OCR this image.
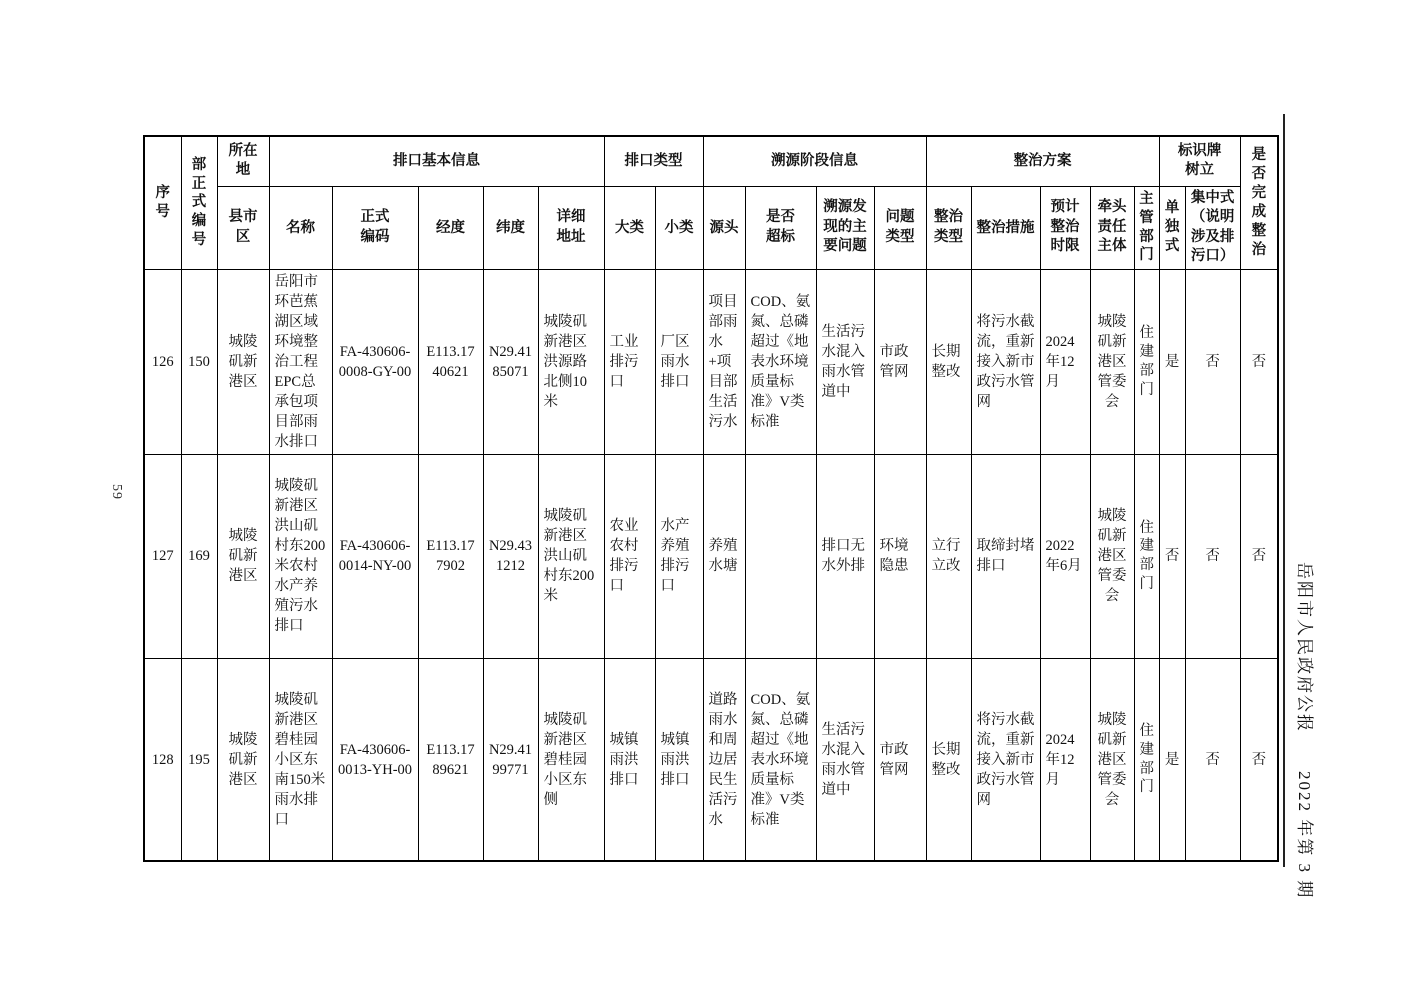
59
岳阳市人民政府公报　　2022 年第 3 期
序号	部正式编号	所在地	排口基本信息					排口类型		溯源阶段信息				整治方案					标识牌树立		是否完成整治
		县市区	名称	正式编码	经度	纬度	详细地址	大类	小类	源头	是否超标	溯源发现的主要问题	问题类型	整治类型	整治措施	预计整治时限	牵头责任主体	主管部门	单独式	集中式（说明涉及排污口）	
126	150	城陵矶新港区	岳阳市环芭蕉湖区域环境整治工程EPC总承包项目部雨水排口	FA-430606-0008-GY-00	E113.1740621	N29.4185071	城陵矶新港区洪源路北侧10米	工业排污口	厂区雨水排口	项目部雨水+项目部生活污水	COD、氨氮、总磷超过《地表水环境质量标准》V类标准	生活污水混入雨水管道中	市政管网	长期整改	将污水截流，重新接入新市政污水管网	2024年12月	城陵矶新港区管委会	住建部门	是	否	否
127	169	城陵矶新港区	城陵矶新港区洪山矶村东200米农村水产养殖污水排口	FA-430606-0014-NY-00	E113.177902	N29.431212	城陵矶新港区洪山矶村东200米	农业农村排污口	水产养殖排污口	养殖水塘		排口无水外排	环境隐患	立行立改	取缔封堵排口	2022年6月	城陵矶新港区管委会	住建部门	否	否	否
128	195	城陵矶新港区	城陵矶新港区碧桂园小区东南150米雨水排口	FA-430606-0013-YH-00	E113.1789621	N29.4199771	城陵矶新港区碧桂园小区东侧	城镇雨洪排口	城镇雨洪排口	道路雨水和周边居民生活污水	COD、氨氮、总磷超过《地表水环境质量标准》V类标准	生活污水混入雨水管道中	市政管网	长期整改	将污水截流，重新接入新市政污水管网	2024年12月	城陵矶新港区管委会	住建部门	是	否	否
